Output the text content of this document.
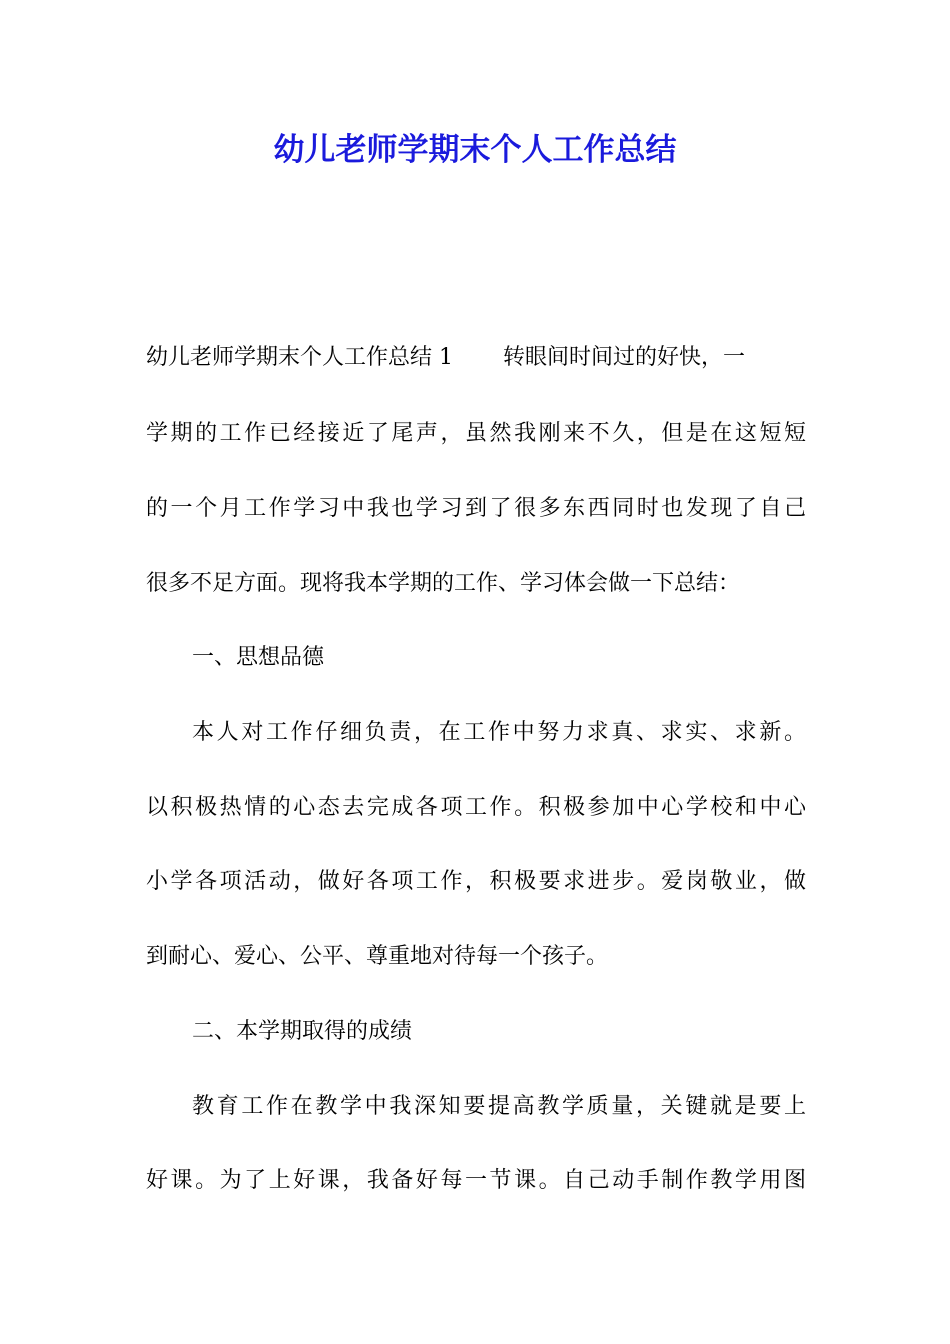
幼儿老师学期末个人工作总结

幼儿老师学期末个人工作总结 1 转眼间时间过的好快，一

学期的工作已经接近了尾声，虽然我刚来不久，但是在这短短

的一个月工作学习中我也学习到了很多东西同时也发现了自己

很多不足方面。现将我本学期的工作、学习体会做一下总结：

一、思想品德

本人对工作仔细负责，在工作中努力求真、求实、求新。

以积极热情的心态去完成各项工作。积极参加中心学校和中心

小学各项活动，做好各项工作，积极要求进步。爱岗敬业，做

到耐心、爱心、公平、尊重地对待每一个孩子。

二、本学期取得的成绩

教育工作在教学中我深知要提高教学质量，关键就是要上

好课。为了上好课，我备好每一节课。自己动手制作教学用图
